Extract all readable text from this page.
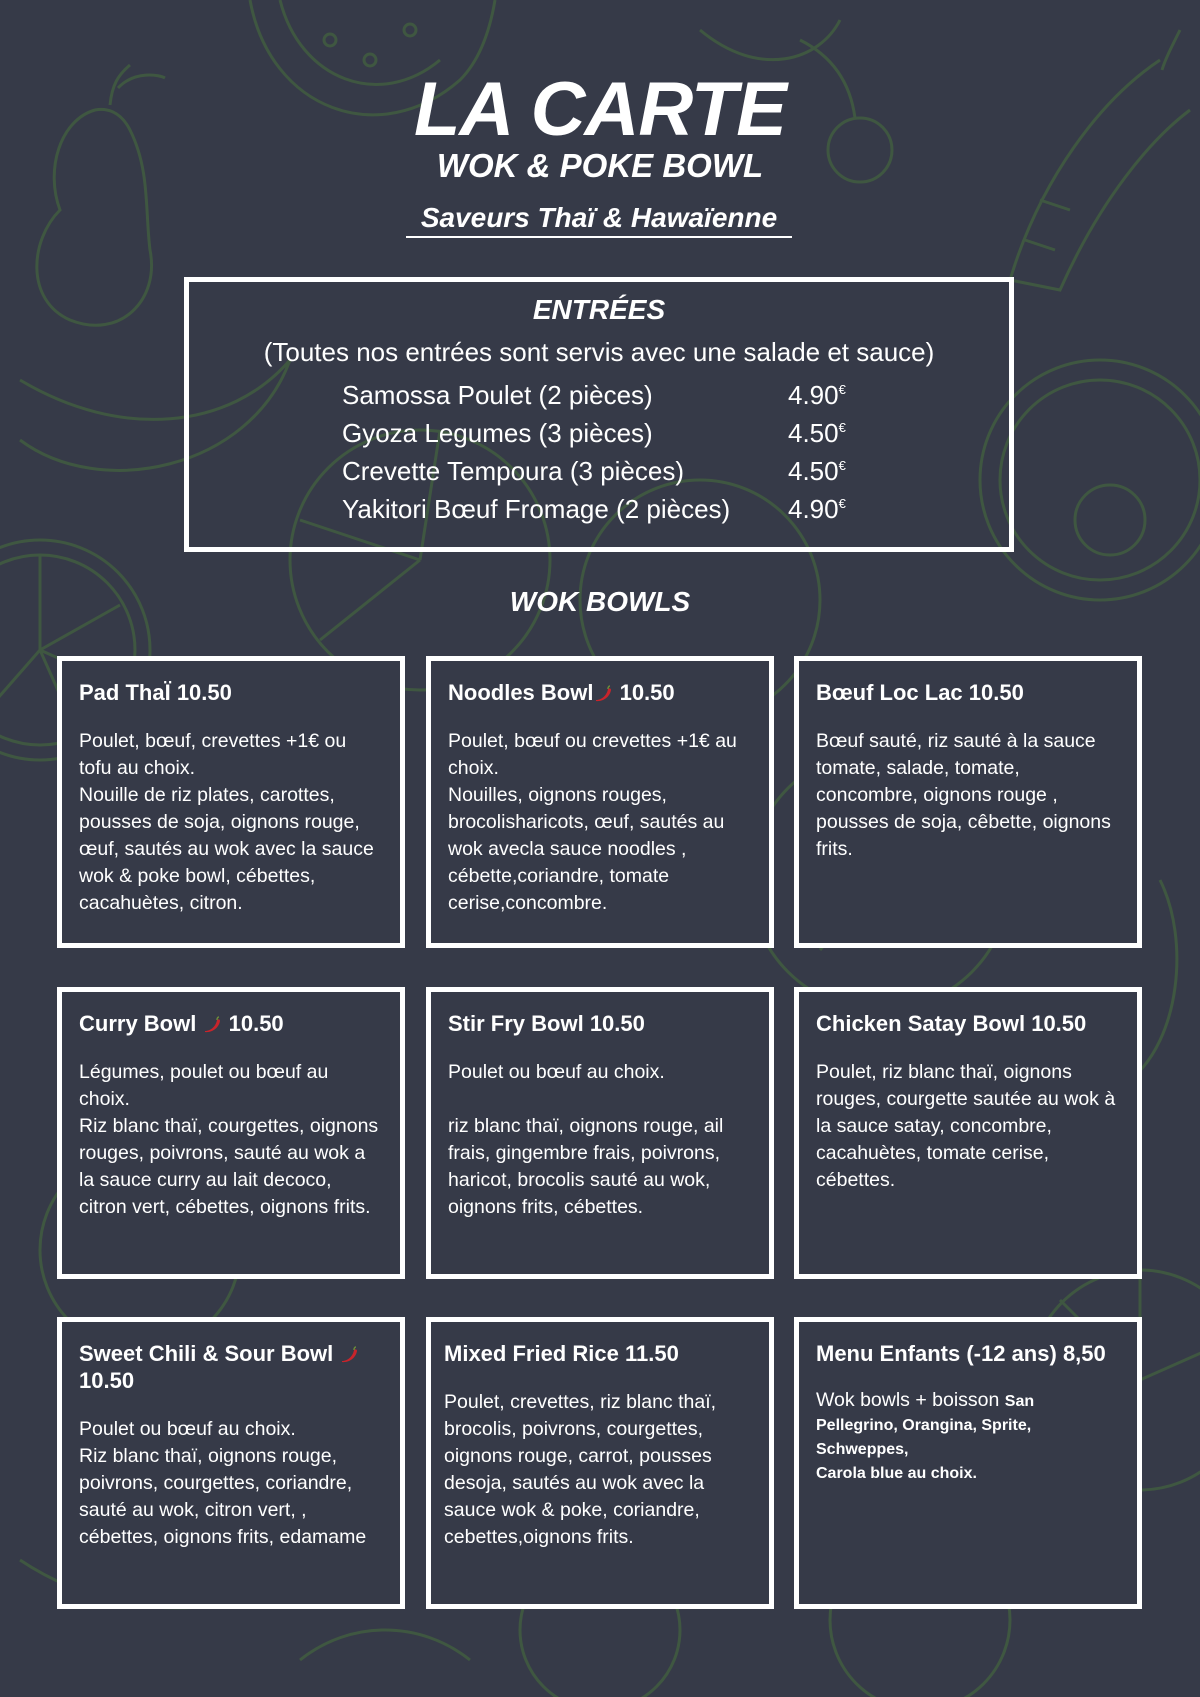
LA CARTE
WOK & POKE BOWL
Saveurs Thaï & Hawaïenne
ENTRÉES
(Toutes nos entrées sont servis avec une salade et sauce)
Samossa Poulet (2 pièces)	4.90€
Gyoza Legumes (3 pièces)	4.50€
Crevette Tempoura (3 pièces)	4.50€
Yakitori Bœuf Fromage (2 pièces) 4.90€
WOK BOWLS
Pad ThaÏ 10.50
Poulet, bœuf, crevettes +1€ ou tofu au choix.
Nouille de riz plates, carottes, pousses de soja, oignons rouge, œuf, sautés au wok avec la sauce wok & poke bowl, cébettes, cacahuètes, citron.
Noodles Bowl 10.50
Poulet, bœuf ou crevettes +1€ au choix.
Nouilles, oignons rouges, brocolisharicots, œuf, sautés au wok avecla sauce noodles , cébette,coriandre, tomate cerise,concombre.
Bœuf Loc Lac 10.50
Bœuf sauté, riz sauté à la sauce tomate, salade, tomate, concombre, oignons rouge , pousses de soja, cêbette, oignons frits.
Curry Bowl 10.50
Légumes, poulet ou bœuf au choix.
Riz blanc thaï, courgettes, oignons rouges, poivrons, sauté au wok a la sauce curry au lait decoco, citron vert, cébettes, oignons frits.
Stir Fry Bowl 10.50
Poulet ou bœuf au choix.

riz blanc thaï, oignons rouge, ail frais, gingembre frais, poivrons, haricot, brocolis sauté au wok, oignons frits, cébettes.
Chicken Satay Bowl 10.50
Poulet, riz blanc thaï, oignons rouges, courgette sautée au wok à la sauce satay, concombre, cacahuètes, tomate cerise, cébettes.
Sweet Chili & Sour Bowl
10.50
Poulet ou bœuf au choix.
Riz blanc thaï, oignons rouge, poivrons, courgettes, coriandre, sauté au wok, citron vert, , cébettes, oignons frits, edamame
Mixed Fried Rice 11.50
Poulet, crevettes, riz blanc thaï, brocolis, poivrons, courgettes, oignons rouge, carrot, pousses desoja, sautés au wok avec la sauce wok & poke, coriandre, cebettes,oignons frits.
Menu Enfants (-12 ans) 8,50
Wok bowls + boisson San Pellegrino, Orangina, Sprite, Schweppes,
Carola blue au choix.
